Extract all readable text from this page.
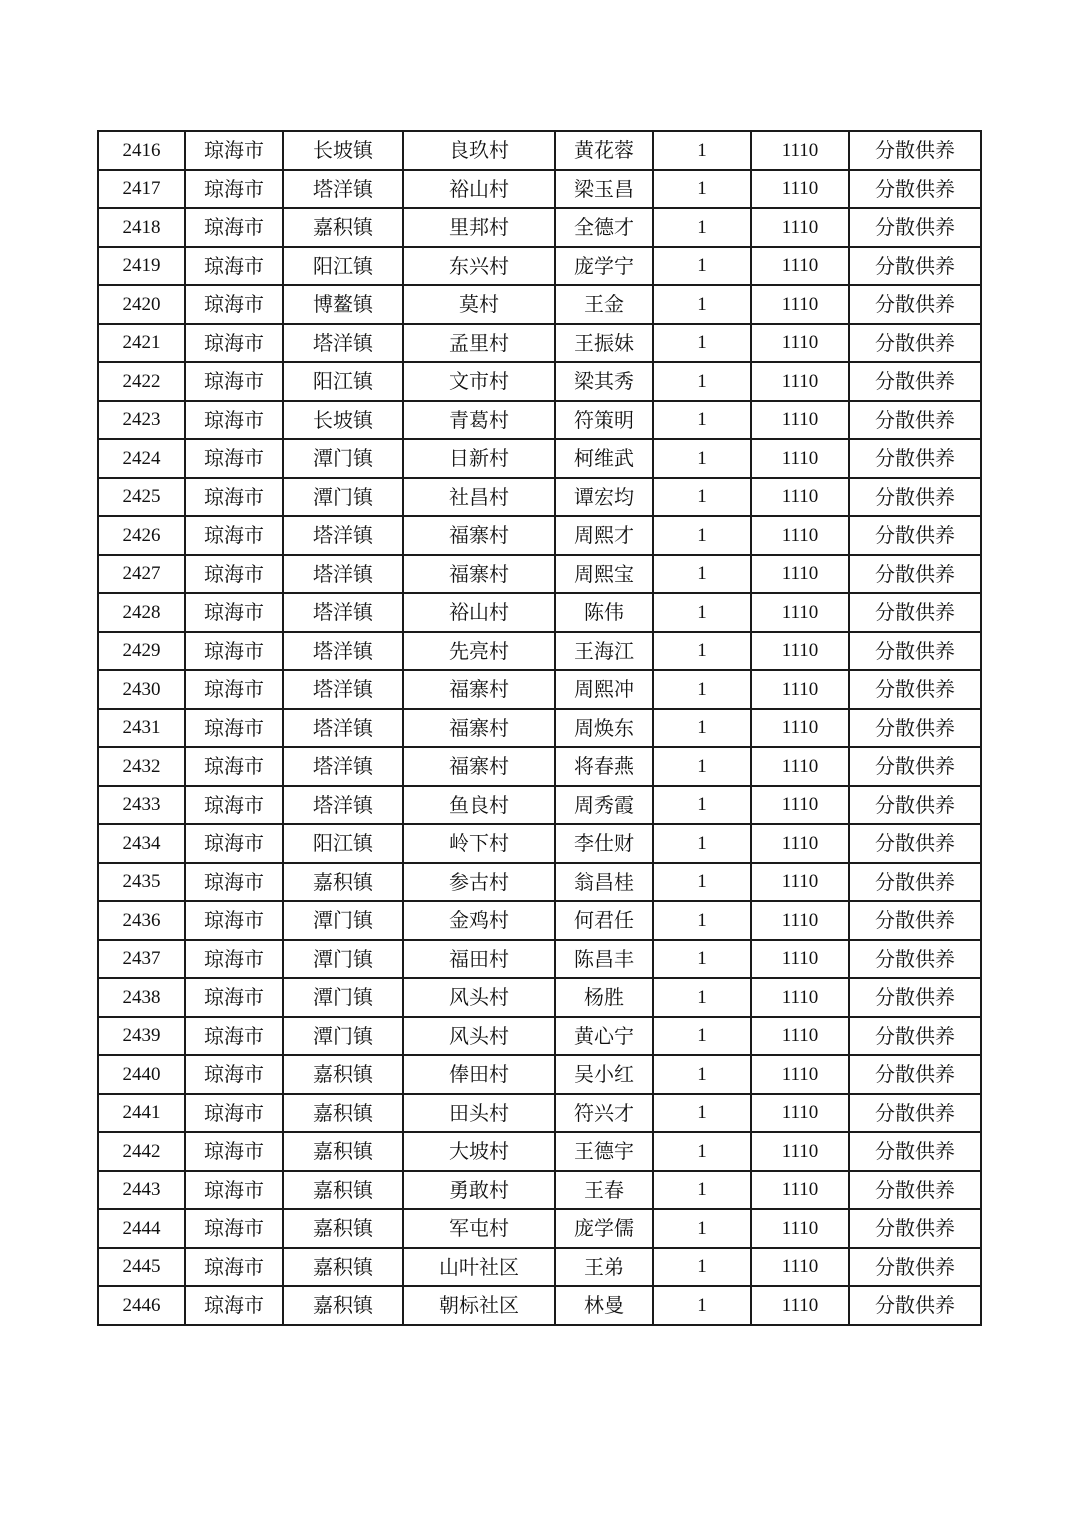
2416	琼海市	长坡镇	良玖村	黄花蓉	1	1110	分散供养
2417	琼海市	塔洋镇	裕山村	梁玉昌	1	1110	分散供养
2418	琼海市	嘉积镇	里邦村	全德才	1	1110	分散供养
2419	琼海市	阳江镇	东兴村	庞学宁	1	1110	分散供养
2420	琼海市	博鳌镇	莫村	王金	1	1110	分散供养
2421	琼海市	塔洋镇	孟里村	王振妹	1	1110	分散供养
2422	琼海市	阳江镇	文市村	梁其秀	1	1110	分散供养
2423	琼海市	长坡镇	青葛村	符策明	1	1110	分散供养
2424	琼海市	潭门镇	日新村	柯维武	1	1110	分散供养
2425	琼海市	潭门镇	社昌村	谭宏均	1	1110	分散供养
2426	琼海市	塔洋镇	福寨村	周熙才	1	1110	分散供养
2427	琼海市	塔洋镇	福寨村	周熙宝	1	1110	分散供养
2428	琼海市	塔洋镇	裕山村	陈伟	1	1110	分散供养
2429	琼海市	塔洋镇	先亮村	王海江	1	1110	分散供养
2430	琼海市	塔洋镇	福寨村	周熙冲	1	1110	分散供养
2431	琼海市	塔洋镇	福寨村	周焕东	1	1110	分散供养
2432	琼海市	塔洋镇	福寨村	将春燕	1	1110	分散供养
2433	琼海市	塔洋镇	鱼良村	周秀霞	1	1110	分散供养
2434	琼海市	阳江镇	岭下村	李仕财	1	1110	分散供养
2435	琼海市	嘉积镇	参古村	翁昌桂	1	1110	分散供养
2436	琼海市	潭门镇	金鸡村	何君任	1	1110	分散供养
2437	琼海市	潭门镇	福田村	陈昌丰	1	1110	分散供养
2438	琼海市	潭门镇	风头村	杨胜	1	1110	分散供养
2439	琼海市	潭门镇	风头村	黄心宁	1	1110	分散供养
2440	琼海市	嘉积镇	俸田村	吴小红	1	1110	分散供养
2441	琼海市	嘉积镇	田头村	符兴才	1	1110	分散供养
2442	琼海市	嘉积镇	大坡村	王德宇	1	1110	分散供养
2443	琼海市	嘉积镇	勇敢村	王春	1	1110	分散供养
2444	琼海市	嘉积镇	军屯村	庞学儒	1	1110	分散供养
2445	琼海市	嘉积镇	山叶社区	王弟	1	1110	分散供养
2446	琼海市	嘉积镇	朝标社区	林曼	1	1110	分散供养
